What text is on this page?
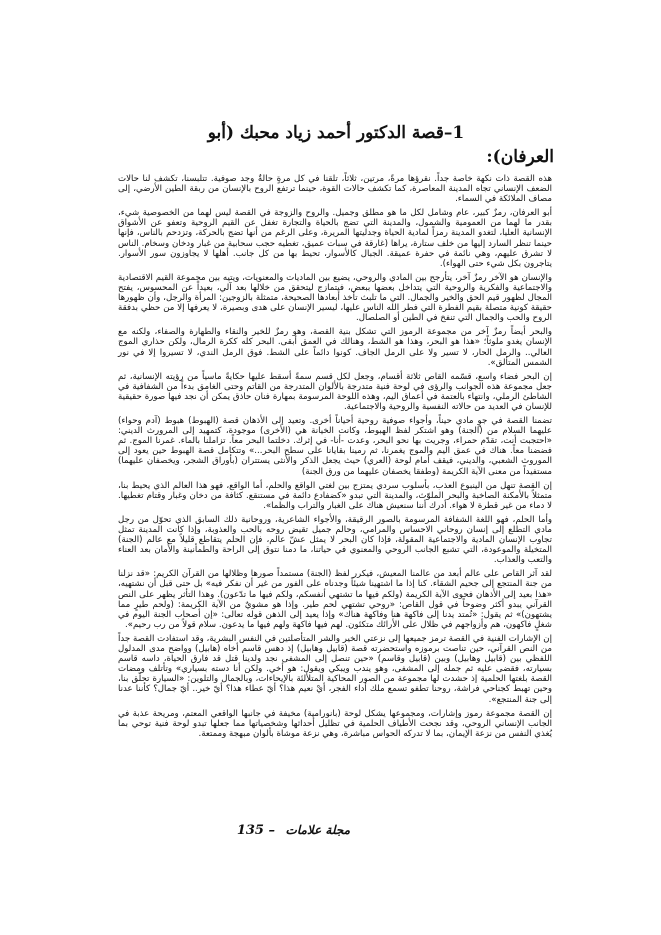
1–قصة الدكتور أحمد زياد محبك (أبو
العرفان):

هذه القصة ذات نكهة خاصة جداً. نقرؤها مرةً، مرتين، ثلاثاً، تلقنا في كل مرةٍ حالةٌ وجد صوفية. تتلبسنا، تكشف لنا حالات الضعف الإنساني تجاه المدينة المعاصرة، كما تكشف حالات القوة، حينما ترتفع الروح بالإنسان من ربقة الطين الأرضي، إلى مصاف الملائكة في السماء.

أبو العرفان، رمزٌ كبير، عام وشامل لكل ما هو مطلق وجميل. والروح والزوجة في القصة ليس لهما من الخصوصية شيء، بقدر ما لهما من العمومية والشمول، والمدينة التي تضج بالحياة والتجارة تغفل عن القيم الروحية وتعفو عن الأشواق الإنسانية العليا، لتغدو المدينة رمزاً لمادية الحياة وجدليتها المريرة، وعلى الرغم من أنها تضج بالحركة، وتزدحم بالناس، فإنها حينما تنظر السارد إليها من خلف ستارة، يراها (غارقة في سبات عميق، تغطيه حجب سحابية من غبار ودخان وسخام. الناس لا تشرق عليهم، وهي نائمة في حفرة عميقة. الجبال كالأسوار، تحيط بها من كل جانب. أهلها لا يجاوزون سور الأسوار. يتاجرون بكل شيء حتى الهواء).

والإنسان هو الآخر رمزٌ آخر، يتأرجح بين المادي والروحي، يضيع بين الماديات والمعنويات، ويتيه بين مجموعة القيم الاقتصادية والاجتماعية والفكرية والروحية التي يتداخل بعضها ببعض، فيتمازج ليتحقق من خلالها بعد آلي، بعيداً عن المحسوس، يفتح المجال لظهور قيم الحق والخير والجمال. التي ما تلبث تأخذ أبعادها الصحيحة، متمثلة بالزوجين: المرأة والرجل، وأن ظهورها حقيقة كونية متصلة بقيم الفطرة التي فطر الله الناس عليها، ليسير الإنسان على هدى وبصيرة، لا يعرفها إلا من حظي بدفقة الروح والحب والجمال التي تنفخ في الطين أو الصلصال.

والبحر أيضاً رمزٌ آخر من مجموعة الرموز التي تشكل بنية القصة، وهو رمزٌ للخير والنقاء والطهارة والصفاء، ولكنه مع الإنسان يغدو ملوثاً؛ «هذا هو البحر، وهذا هو الشط، وهنالك في العمق أبقى. البحر كله ككرة الرمال، ولكن حذاري الموج العالي.. والرمل الحار، لا تسير ولا على الرمل الجاف. كونوا دائماً على الشط. فوق الرمل الندي، لا تسيروا إلا في نور الشمس المتألق».

إن البحر فضاء واسع، قسّمه القاص ثلاثة أقسام، وجعل لكل قسم سمةً أسقط عليها حكايةً ماسياً من رؤيته الإنسانية، ثم جعل مجموعة هذه الجوانب والرؤى في لوحة فنية متدرجة بالألوان المتدرجة من القاتم وحتى الغامق بدءاً من الشفافية في الشاطئ الرملي، وانتهاء بالعتمة في أعماق اليم، وهذه اللوحة المرسومة بمهارة فنان حاذق يمكن أن نجد فيها صورة حقيقية للإنسان في العديد من حالاته النفسية والروحية والاجتماعية.

تضمنا القصة في جوٍ مادي حيناً، وأجواء صوفية روحية أحياناً أخرى. وتعيد إلى الأذهان قصة (الهبوط) هبوط (آدم وحواء) عليهما السلام من (الجنة) وهو اشتكر لفظ الهبوط، وكانت الخيانة هي (الأخرى) موجودة، كتمهيد إلى المرورث الديني: «احتجبت أنت، تقدّم حمراء، وجريت بها نحو البحر، وعدت -أنا- في إثرك. دخلتما البحر معاً. تزاملنا بالماء. غمرنا الموج. ثم فضضنا معاً. هناك في عمق اليم والموج يغمرنا، ثم رمينا بقايانا على سطح البحر...» وتتكامل قصة الهبوط حين يعود إلى الموروث الشعبي، والديني، فيقف أمام لوحة (العري) حيث يجعل الذكر والأنثى يستتران (بأوراق الشجر، ويخصفان عليهما) مستفيداً من معنى الآية الكريمة (وطفقا يخصفان عليهما من ورق الجنة)

إن القصة تنهل من الينبوع العذب، بأسلوب سردي يمتزج بين لغتي الواقع والحلم، أما الواقع، فهو هذا العالم الذي يحيط بنا، متمثلاً بالأمكنة الصاخبة والبحر الملوّث، والمدينة التي تبدو «كضفادع دائمة في مستنقع. كثافة من دخان وغبار وقتام تغطيها. لا دماء من غير قطرة لا هواء. أدرك أننا سنعيش هناك على الغبار والتراب والظما».

وأما الحلم، فهو اللغة الشفافة المرسومة بالصور الرقيقة، والأجواء الشاعرية، وروحانية ذلك السابق الذي تحوّل من رجل مادي التطلع إلى إنسان روحاني الاحساس والمرامي، وحالم جميل تقيض روحه بالحب والعذوبة، وإذا كانت المدينة تمثل تجاوب الإنسان المادية والاجتماعية المقولة، فإذا كان البحر لا يمثل عشّ عالم، فإن الحلم يتقاطع قليلاً مع عالم (الجنة) المتخيلة والموعودة، التي تشبع الجانب الروحي والمعنوي في حياتنا، ما دمنا نتوق إلى الراحة والطمأنينة والأمان بعد العناء والتعب والعذاب.

لقد آثر القاص على عالم أبعد من عالمنا المعيش، فيكرر لفظ (الجنة) مستمداً صورها وظلالها من القرآن الكريم: «قد نزلنا من جنة المنتجع إلى جحيم الشقاء. كنا إذا ما اشتهينا شيئاً وجدناه على الفور من غير أن نفكر فيه» بل حتى قبل أن نشتهيه، «هذا بعيد إلى الأذهان فحوى الآية الكريمة (ولكم فيها ما تشتهي أنفسكم، ولكم فيها ما تدّعون). وهذا التأثر يظهر على النص القرآني يبدو أكثر وضوحاً في قول القاص: «روحي تشتهي لحم طير. وإذا هو مشويٌ من الآية الكريمة: (ولحم طيرٍ مما يشتهون)» ثم يقول: «تُمتد يدنا إلى فاكهة هنا وفاكهة هناك» وإذا يعيد إلى الذهن قوله تعالى: «إن أصحاب الجنة اليوم في شغلٍ فاكهون، هم وأزواجهم في ظلال على الأرائك متكئون. لهم فيها فاكهة ولهم فيها ما يدعون. سلام قولاً من رب رحيم».

إن الإشارات الفنية في القصة ترمز جميعها إلى نزعتي الخير والشر المتأصلتين في النفس البشرية، وقد استفادت القصة جداً من النص القرآني، حين تناصت برموزه واستحضرته قصة (قابيل وهابيل) إذ دهس قاسم أخاه (هابيل) وواضح مدى المدلول اللفظي بين (قابيل وهابيل) وبين (قابيل وقاسم) «حين تنصل إلى المشفى نجد ولدينا قتل قد فارق الحياة، داسه قاسم بسيارته، فقضى عليه ثم جمله إلى المشفى، وهو يندب ويبكي ويقول: هو أخي. ولكن أنا دسته بسياري» وتأتلف ومضات القصة بلغتها الحلمية إذ حشدت لها مجموعة من الصور المحاكية المتلألئة بالإيحاءات، وبالجمال والتلوين: «السيارة تحلّق بنا، وحين تهبط كجناحي فراشة، روحنا تطفو تسمع ملك أداء الفجر، أيْ نعيم هذا؟ أيّ عطاء هذا؟ أيّ خير.. أيّ جمال؟ كأننا عدنا إلى جنة المنتجع».

إن القصة مجموعة رموز وإشارات، ومجموعها يشكل لوحة (بانورامية) مخيفة في جانبها الواقعي المعتم، ومريحة عذبة في الجانب الإنساني الروحي، وقد نجحت الأطياف الحلمية في تظليل أحداثها وشخصياتها مما جعلها تبدو لوحة فنية توحي بما يُغذي النفس من نزعة الإيمان، بما لا تدركه الحواس مباشرة، وهي نزعة موشاة بألوان مبهجة وممتعة.

مجلة علامات – 135
